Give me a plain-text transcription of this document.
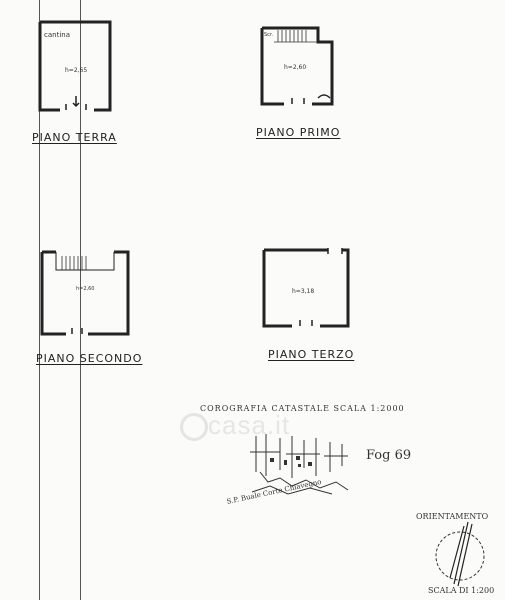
casa.it
cantina
h=2,65
PIANO TERRA
Scr.
h=2,60
PIANO PRIMO
h=2,60
PIANO SECONDO
h=3,18
PIANO TERZO
COROGRAFIA CATASTALE SCALA 1:2000
Fog 69
S.P. Buale Corte Chiavegno
ORIENTAMENTO
SCALA DI 1:200
